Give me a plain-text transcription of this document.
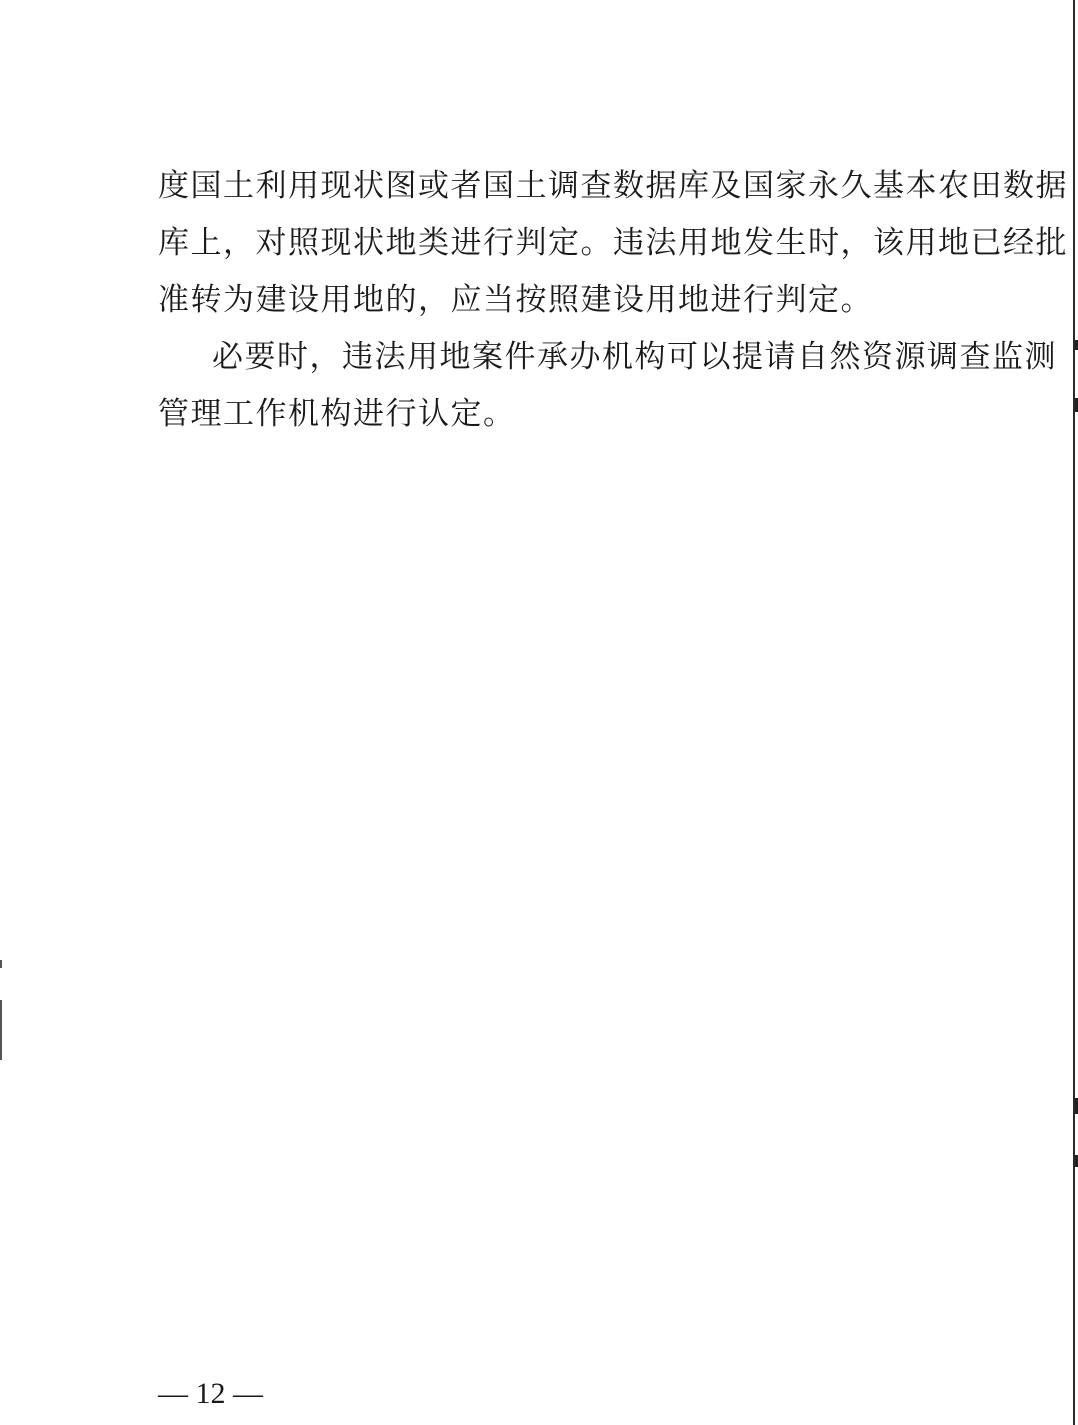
度国土利用现状图或者国土调查数据库及国家永久基本农田数据
库上，对照现状地类进行判定。违法用地发生时，该用地已经批
准转为建设用地的，应当按照建设用地进行判定。
必要时，违法用地案件承办机构可以提请自然资源调查监测
管理工作机构进行认定。
— 12 —
